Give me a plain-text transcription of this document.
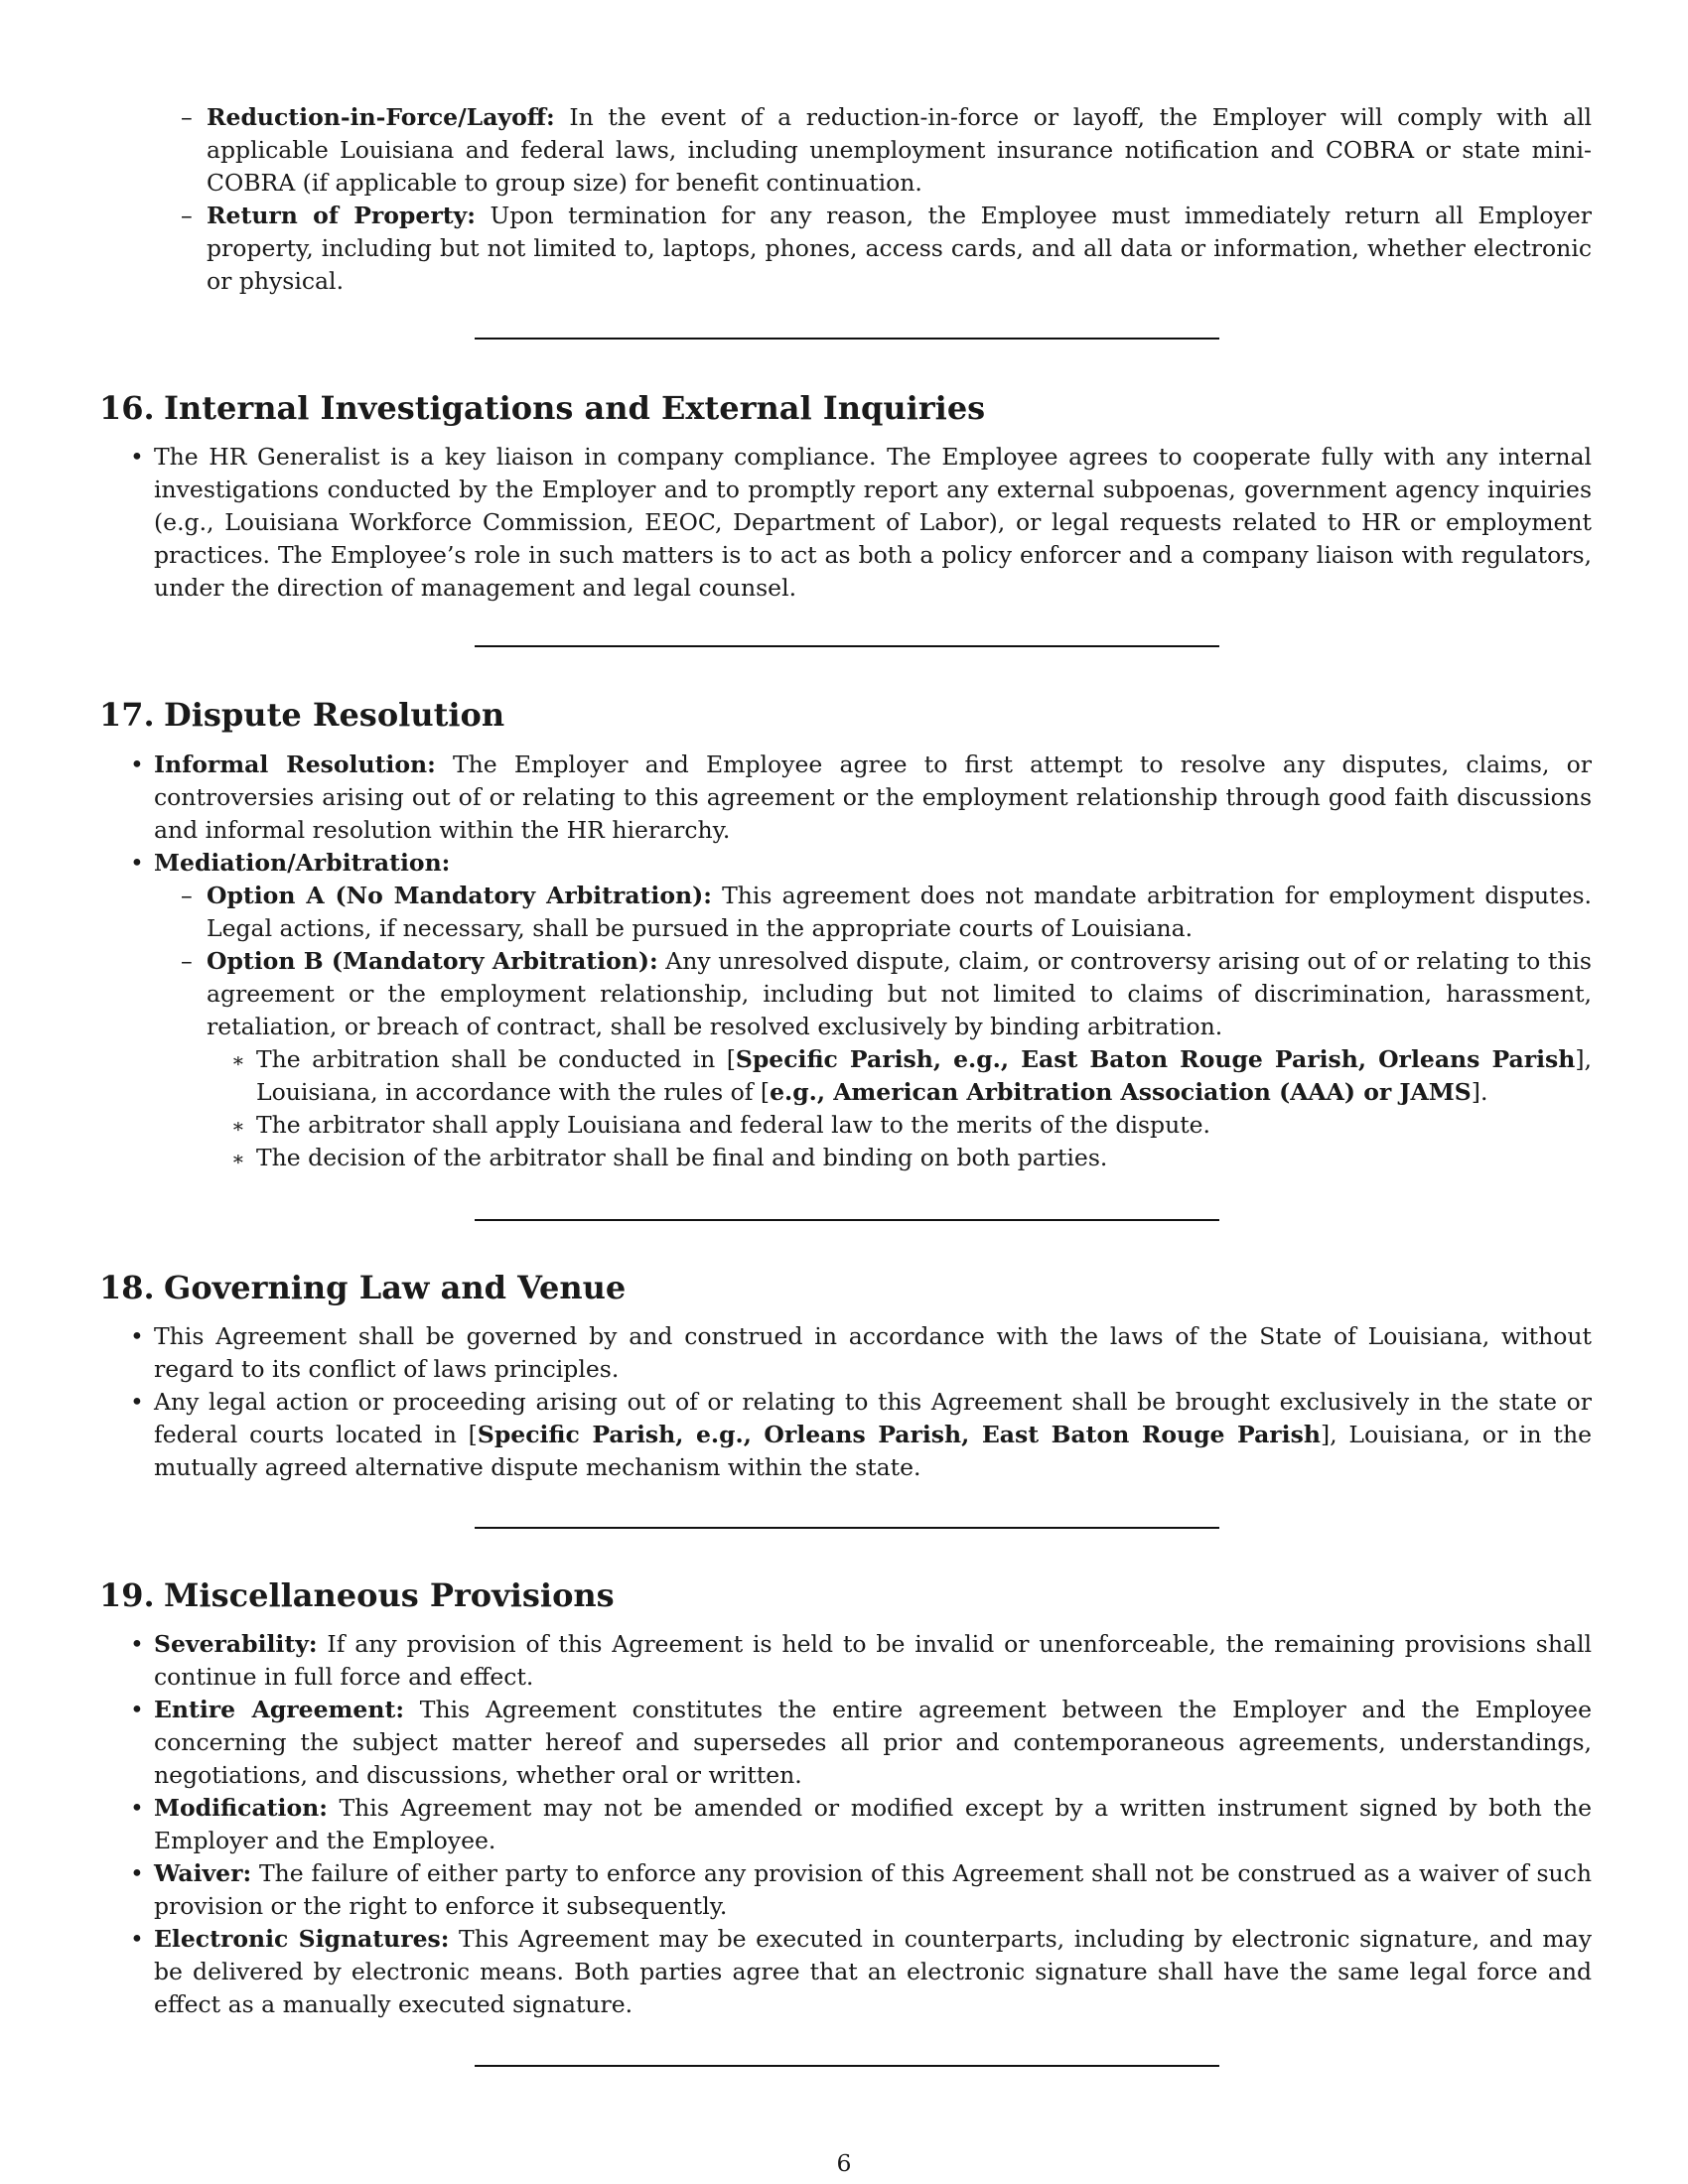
– Reduction-in-Force/Layoff: In the event of a reduction-in-force or layoff, the Employer will comply with all applicable Louisiana and federal laws, including unemployment insurance notification and COBRA or state mini-COBRA (if applicable to group size) for benefit continuation.
– Return of Property: Upon termination for any reason, the Employee must immediately return all Employer property, including but not limited to, laptops, phones, access cards, and all data or information, whether electronic or physical.
16. Internal Investigations and External Inquiries
• The HR Generalist is a key liaison in company compliance. The Employee agrees to cooperate fully with any internal investigations conducted by the Employer and to promptly report any external subpoenas, government agency inquiries (e.g., Louisiana Workforce Commission, EEOC, Department of Labor), or legal requests related to HR or employment practices. The Employee’s role in such matters is to act as both a policy enforcer and a company liaison with regulators, under the direction of management and legal counsel.
17. Dispute Resolution
• Informal Resolution: The Employer and Employee agree to first attempt to resolve any disputes, claims, or controversies arising out of or relating to this agreement or the employment relationship through good faith discussions and informal resolution within the HR hierarchy.
• Mediation/Arbitration:
– Option A (No Mandatory Arbitration): This agreement does not mandate arbitration for employment disputes. Legal actions, if necessary, shall be pursued in the appropriate courts of Louisiana.
– Option B (Mandatory Arbitration): Any unresolved dispute, claim, or controversy arising out of or relating to this agreement or the employment relationship, including but not limited to claims of discrimination, harassment, retaliation, or breach of contract, shall be resolved exclusively by binding arbitration.
∗ The arbitration shall be conducted in [Specific Parish, e.g., East Baton Rouge Parish, Orleans Parish], Louisiana, in accordance with the rules of [e.g., American Arbitration Association (AAA) or JAMS].
∗ The arbitrator shall apply Louisiana and federal law to the merits of the dispute.
∗ The decision of the arbitrator shall be final and binding on both parties.
18. Governing Law and Venue
• This Agreement shall be governed by and construed in accordance with the laws of the State of Louisiana, without regard to its conflict of laws principles.
• Any legal action or proceeding arising out of or relating to this Agreement shall be brought exclusively in the state or federal courts located in [Specific Parish, e.g., Orleans Parish, East Baton Rouge Parish], Louisiana, or in the mutually agreed alternative dispute mechanism within the state.
19. Miscellaneous Provisions
• Severability: If any provision of this Agreement is held to be invalid or unenforceable, the remaining provisions shall continue in full force and effect.
• Entire Agreement: This Agreement constitutes the entire agreement between the Employer and the Employee concerning the subject matter hereof and supersedes all prior and contemporaneous agreements, understandings, negotiations, and discussions, whether oral or written.
• Modification: This Agreement may not be amended or modified except by a written instrument signed by both the Employer and the Employee.
• Waiver: The failure of either party to enforce any provision of this Agreement shall not be construed as a waiver of such provision or the right to enforce it subsequently.
• Electronic Signatures: This Agreement may be executed in counterparts, including by electronic signature, and may be delivered by electronic means. Both parties agree that an electronic signature shall have the same legal force and effect as a manually executed signature.
6
